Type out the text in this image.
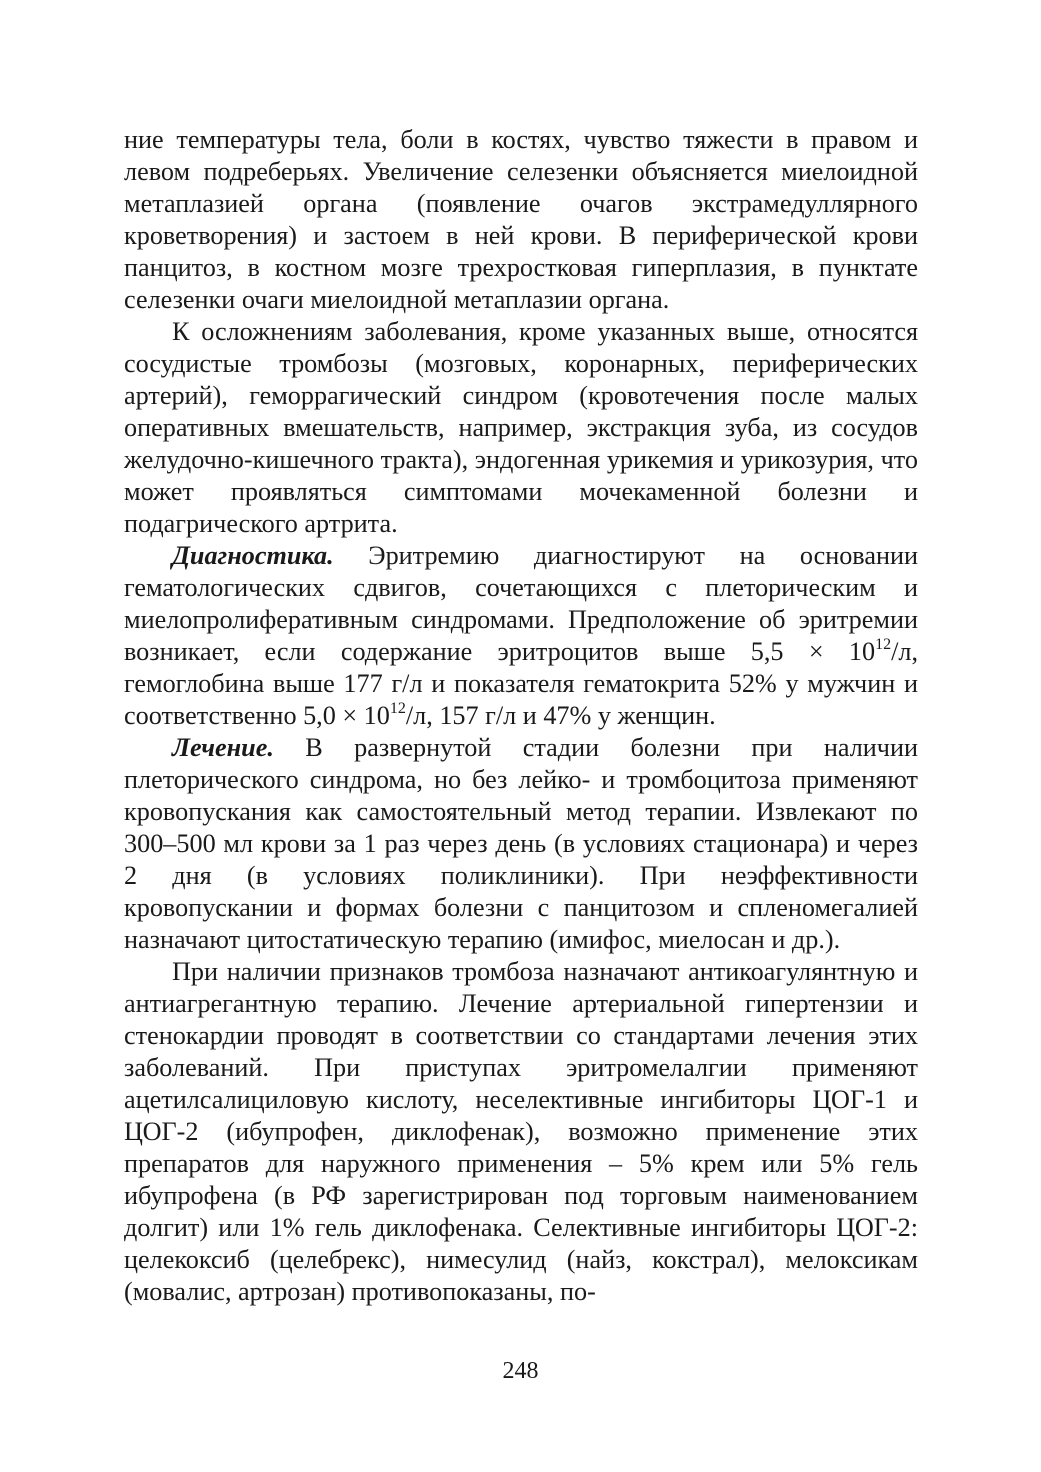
ние температуры тела, боли в костях, чувство тяжести в правом и левом подреберьях. Увеличение селезенки объясняется миелоидной метаплазией органа (появление очагов экстрамедуллярного кроветворения) и застоем в ней крови. В периферической крови панцитоз, в костном мозге трехростковая гиперплазия, в пунктате селезенки очаги миелоидной метаплазии органа.

К осложнениям заболевания, кроме указанных выше, относятся сосудистые тромбозы (мозговых, коронарных, периферических артерий), геморрагический синдром (кровотечения после малых оперативных вмешательств, например, экстракция зуба, из сосудов желудочно-кишечного тракта), эндогенная урикемия и урикозурия, что может проявляться симптомами мочекаменной болезни и подагрического артрита.

Диагностика. Эритремию диагностируют на основании гематологических сдвигов, сочетающихся с плеторическим и миелопролиферативным синдромами. Предположение об эритремии возникает, если содержание эритроцитов выше $5,5 \times 10^{12}/л$, гемоглобина выше 177 г/л и показателя гематокрита 52% у мужчин и соответственно $5,0 \times 10^{12}/л$, 157 г/л и 47% у женщин.

Лечение. В развернутой стадии болезни при наличии плеторического синдрома, но без лейко- и тромбоцитоза применяют кровопускания как самостоятельный метод терапии. Извлекают по 300–500 мл крови за 1 раз через день (в условиях стационара) и через 2 дня (в условиях поликлиники). При неэффективности кровопускании и формах болезни с панцитозом и спленомегалией назначают цитостатическую терапию (имифос, миелосан и др.).

При наличии признаков тромбоза назначают антикоагулянтную и антиагрегантную терапию. Лечение артериальной гипертензии и стенокардии проводят в соответствии со стандартами лечения этих заболеваний. При приступах эритромелалгии применяют ацетилсалициловую кислоту, неселективные ингибиторы ЦОГ-1 и ЦОГ-2 (ибупрофен, диклофенак), возможно применение этих препаратов для наружного применения – 5% крем или 5% гель ибупрофена (в РФ зарегистрирован под торговым наименованием долгит) или 1% гель диклофенака. Селективные ингибиторы ЦОГ-2: целекоксиб (целебрекс), нимесулид (найз, кокстрал), мелоксикам (мовалис, артрозан) противопоказаны, по-

248
